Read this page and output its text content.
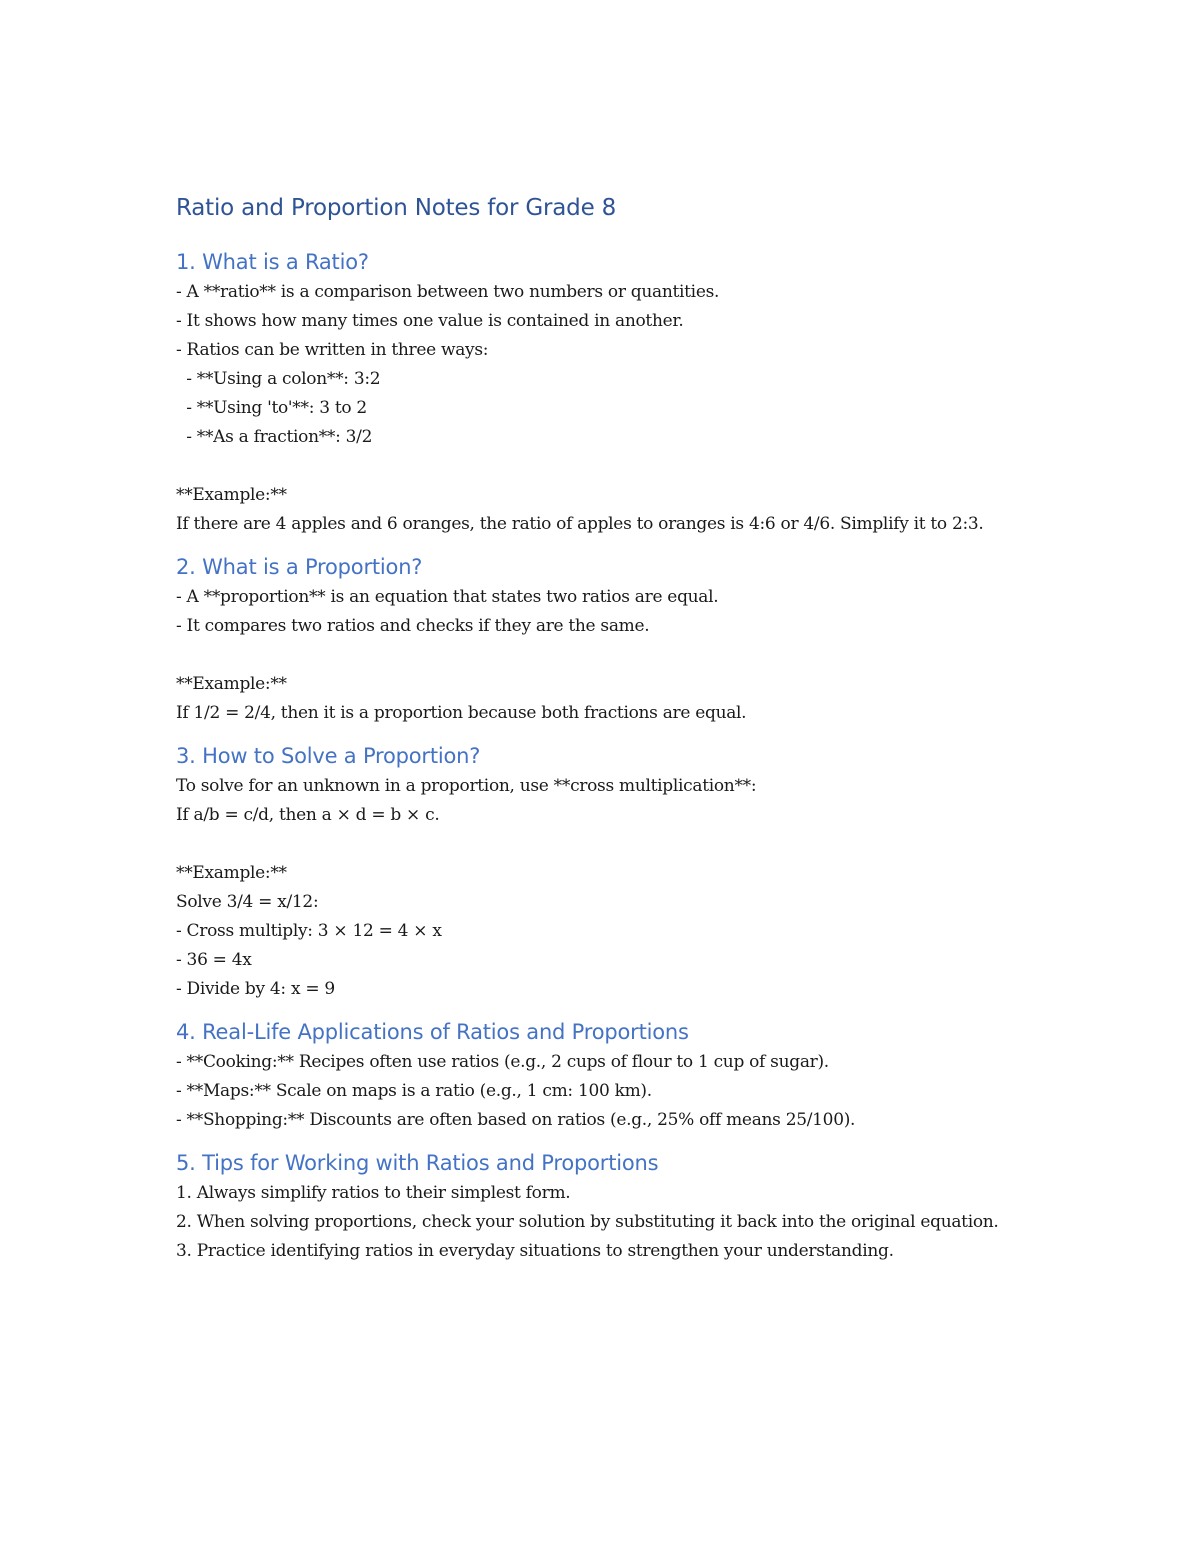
Ratio and Proportion Notes for Grade 8
1. What is a Ratio?
- A **ratio** is a comparison between two numbers or quantities.
- It shows how many times one value is contained in another.
- Ratios can be written in three ways:
- **Using a colon**: 3:2
- **Using 'to'**: 3 to 2
- **As a fraction**: 3/2
**Example:**
If there are 4 apples and 6 oranges, the ratio of apples to oranges is 4:6 or 4/6. Simplify it to 2:3.
2. What is a Proportion?
- A **proportion** is an equation that states two ratios are equal.
- It compares two ratios and checks if they are the same.
**Example:**
If 1/2 = 2/4, then it is a proportion because both fractions are equal.
3. How to Solve a Proportion?
To solve for an unknown in a proportion, use **cross multiplication**:
If a/b = c/d, then a × d = b × c.
**Example:**
Solve 3/4 = x/12:
- Cross multiply: 3 × 12 = 4 × x
- 36 = 4x
- Divide by 4: x = 9
4. Real-Life Applications of Ratios and Proportions
- **Cooking:** Recipes often use ratios (e.g., 2 cups of flour to 1 cup of sugar).
- **Maps:** Scale on maps is a ratio (e.g., 1 cm: 100 km).
- **Shopping:** Discounts are often based on ratios (e.g., 25% off means 25/100).
5. Tips for Working with Ratios and Proportions
1. Always simplify ratios to their simplest form.
2. When solving proportions, check your solution by substituting it back into the original equation.
3. Practice identifying ratios in everyday situations to strengthen your understanding.
